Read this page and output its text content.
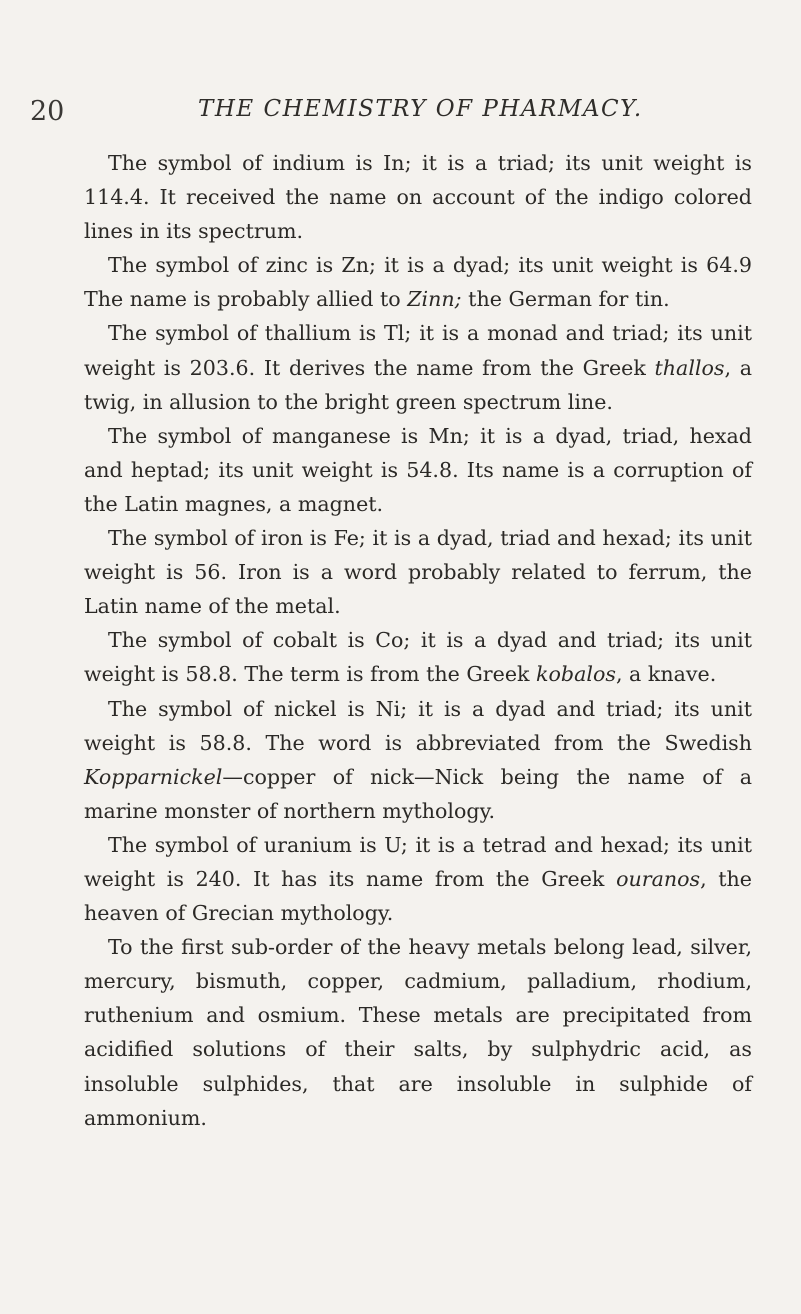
20	THE CHEMISTRY OF PHARMACY.

The symbol of indium is In; it is a triad; its unit weight is 114.4. It received the name on account of the indigo colored lines in its spectrum.

The symbol of zinc is Zn; it is a dyad; its unit weight is 64.9 The name is probably allied to Zinn; the German for tin.

The symbol of thallium is Tl; it is a monad and triad; its unit weight is 203.6. It derives the name from the Greek thallos, a twig, in allusion to the bright green spectrum line.

The symbol of manganese is Mn; it is a dyad, triad, hexad and heptad; its unit weight is 54.8. Its name is a corruption of the Latin magnes, a magnet.

The symbol of iron is Fe; it is a dyad, triad and hexad; its unit weight is 56. Iron is a word probably related to ferrum, the Latin name of the metal.

The symbol of cobalt is Co; it is a dyad and triad; its unit weight is 58.8. The term is from the Greek kobalos, a knave.

The symbol of nickel is Ni; it is a dyad and triad; its unit weight is 58.8. The word is abbreviated from the Swedish Kopparnickel—copper of nick—Nick being the name of a marine monster of northern mythology.

The symbol of uranium is U; it is a tetrad and hexad; its unit weight is 240. It has its name from the Greek ouranos, the heaven of Grecian mythology.

To the first sub-order of the heavy metals belong lead, silver, mercury, bismuth, copper, cadmium, palladium, rhodium, ruthenium and osmium. These metals are precipitated from acidified solutions of their salts, by sulphydric acid, as insoluble sulphides, that are insoluble in sulphide of ammonium.
